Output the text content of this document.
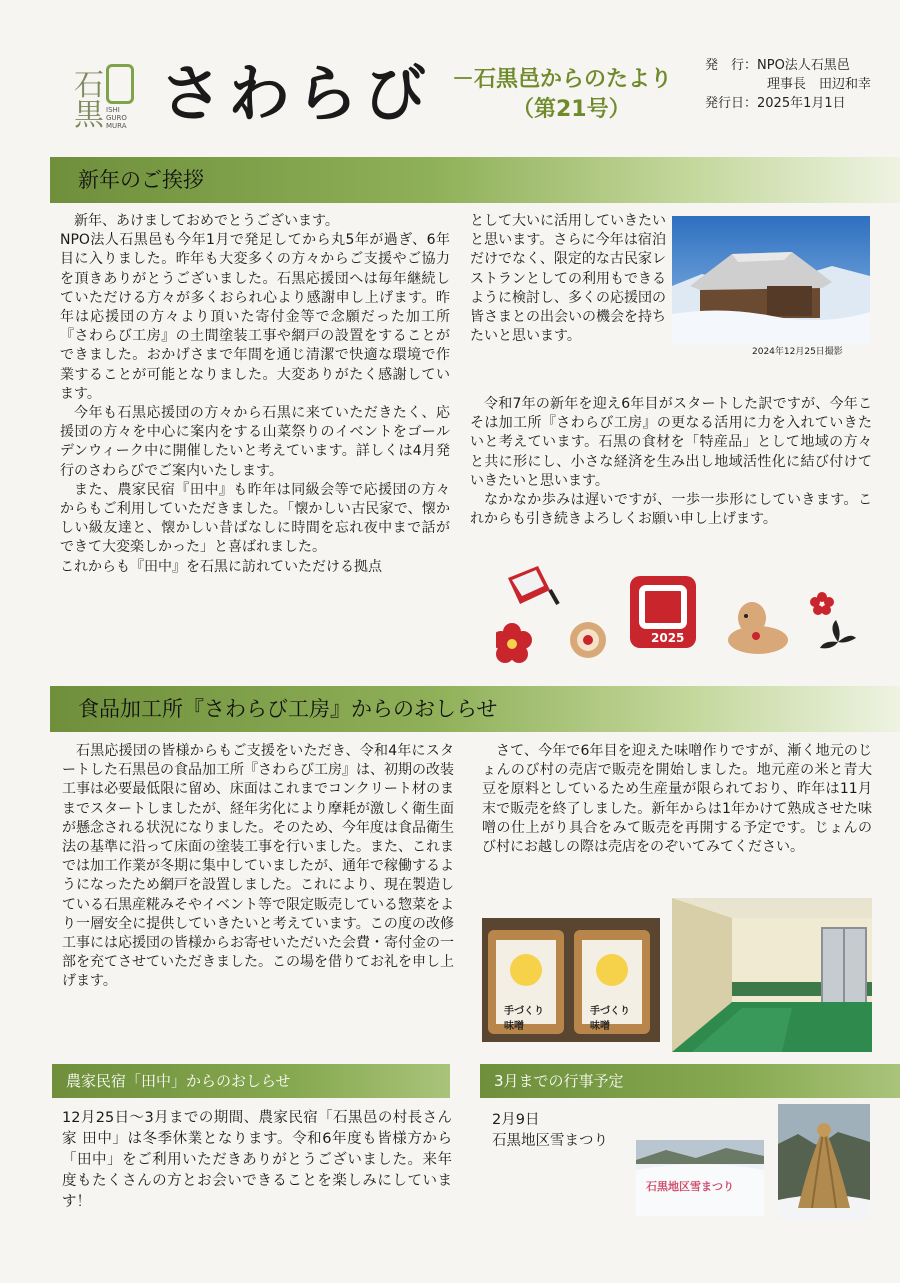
石
黒 ISHI GURO MURA さわらび －石黒邑からのたより
（第21号）
発　行：NPO法人石黒邑
理事長　田辺和幸
発行日：2025年1月1日
新年のご挨拶

新年、あけましておめでとうございます。

NPO法人石黒邑も今年1月で発足してから丸5年が過ぎ、6年目に入りました。昨年も大変多くの方々からご支援やご協力を頂きありがとうございました。石黒応援団へは毎年継続していただける方々が多くおられ心より感謝申し上げます。昨年は応援団の方々より頂いた寄付金等で念願だった加工所『さわらび工房』の土間塗装工事や網戸の設置をすることができました。おかげさまで年間を通じ清潔で快適な環境で作業することが可能となりました。大変ありがたく感謝しています。

今年も石黒応援団の方々から石黒に来ていただきたく、応援団の方々を中心に案内をする山菜祭りのイベントをゴールデンウィーク中に開催したいと考えています。詳しくは4月発行のさわらびでご案内いたします。

また、農家民宿『田中』も昨年は同級会等で応援団の方々からもご利用していただきました。「懐かしい古民家で、懐かしい級友達と、懐かしい昔ばなしに時間を忘れ夜中まで話ができて大変楽しかった」と喜ばれました。

これからも『田中』を石黒に訪れていただける拠点

2024年12月25日撮影

として大いに活用していきたいと思います。さらに今年は宿泊だけでなく、限定的な古民家レストランとしての利用もできるように検討し、多くの応援団の皆さまとの出会いの機会を持ちたいと思います。

令和7年の新年を迎え6年目がスタートした訳ですが、今年こそは加工所『さわらび工房』の更なる活用に力を入れていきたいと考えています。石黒の食材を「特産品」として地域の方々と共に形にし、小さな経済を生み出し地域活性化に結び付けていきたいと思います。

なかなか歩みは遅いですが、一歩一歩形にしていきます。これからも引き続きよろしくお願い申し上げます。

2025
食品加工所『さわらび工房』からのおしらせ

石黒応援団の皆様からもご支援をいただき、令和4年にスタートした石黒邑の食品加工所『さわらび工房』は、初期の改装工事は必要最低限に留め、床面はこれまでコンクリート材のままでスタートしましたが、経年劣化により摩耗が激しく衛生面が懸念される状況になりました。そのため、今年度は食品衛生法の基準に沿って床面の塗装工事を行いました。また、これまでは加工作業が冬期に集中していましたが、通年で稼働するようになったため網戸を設置しました。これにより、現在製造している石黒産糀みそやイベント等で限定販売している惣菜をより一層安全に提供していきたいと考えています。この度の改修工事には応援団の皆様からお寄せいただいた会費・寄付金の一部を充てさせていただきました。この場を借りてお礼を申し上げます。

さて、今年で6年目を迎えた味噌作りですが、漸く地元のじょんのび村の売店で販売を開始しました。地元産の米と青大豆を原料としているため生産量が限られており、昨年は11月末で販売を終了しました。新年からは1年かけて熟成させた味噌の仕上がり具合をみて販売を再開する予定です。じょんのび村にお越しの際は売店をのぞいてみてください。

手づくり味噌
手づくり味噌
農家民宿「田中」からのおしらせ

12月25日～3月までの期間、農家民宿「石黒邑の村長さん家 田中」は冬季休業となります。令和6年度も皆様方から「田中」をご利用いただきありがとうございました。来年度もたくさんの方とお会いできることを楽しみにしています！

3月までの行事予定
2月9日
石黒地区雪まつり
石黒地区雪まつり
